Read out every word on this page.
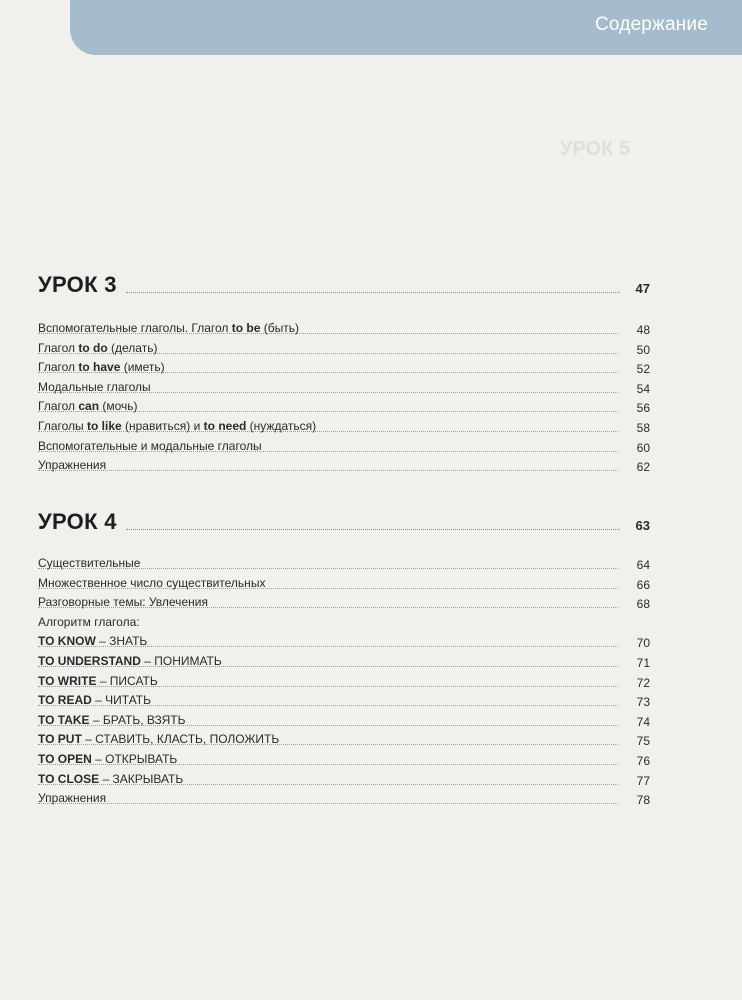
Содержание
УРОК 5
УРОК 3	47
Вспомогательные глаголы. Глагол to be (быть)	48
Глагол to do (делать)	50
Глагол to have (иметь)	52
Модальные глаголы	54
Глагол can (мочь)	56
Глаголы to like (нравиться) и to need (нуждаться)	58
Вспомогательные и модальные глаголы	60
Упражнения	62
УРОК 4	63
Существительные	64
Множественное число существительных	66
Разговорные темы: Увлечения	68
Алгоритм глагола:
TO KNOW – ЗНАТЬ	70
TO UNDERSTAND – ПОНИМАТЬ	71
TO WRITE – ПИСАТЬ	72
TO READ – ЧИТАТЬ	73
TO TAKE – БРАТЬ, ВЗЯТЬ	74
TO PUT – СТАВИТЬ, КЛАСТЬ, ПОЛОЖИТЬ	75
TO OPEN – ОТКРЫВАТЬ	76
TO CLOSE – ЗАКРЫВАТЬ	77
Упражнения	78
